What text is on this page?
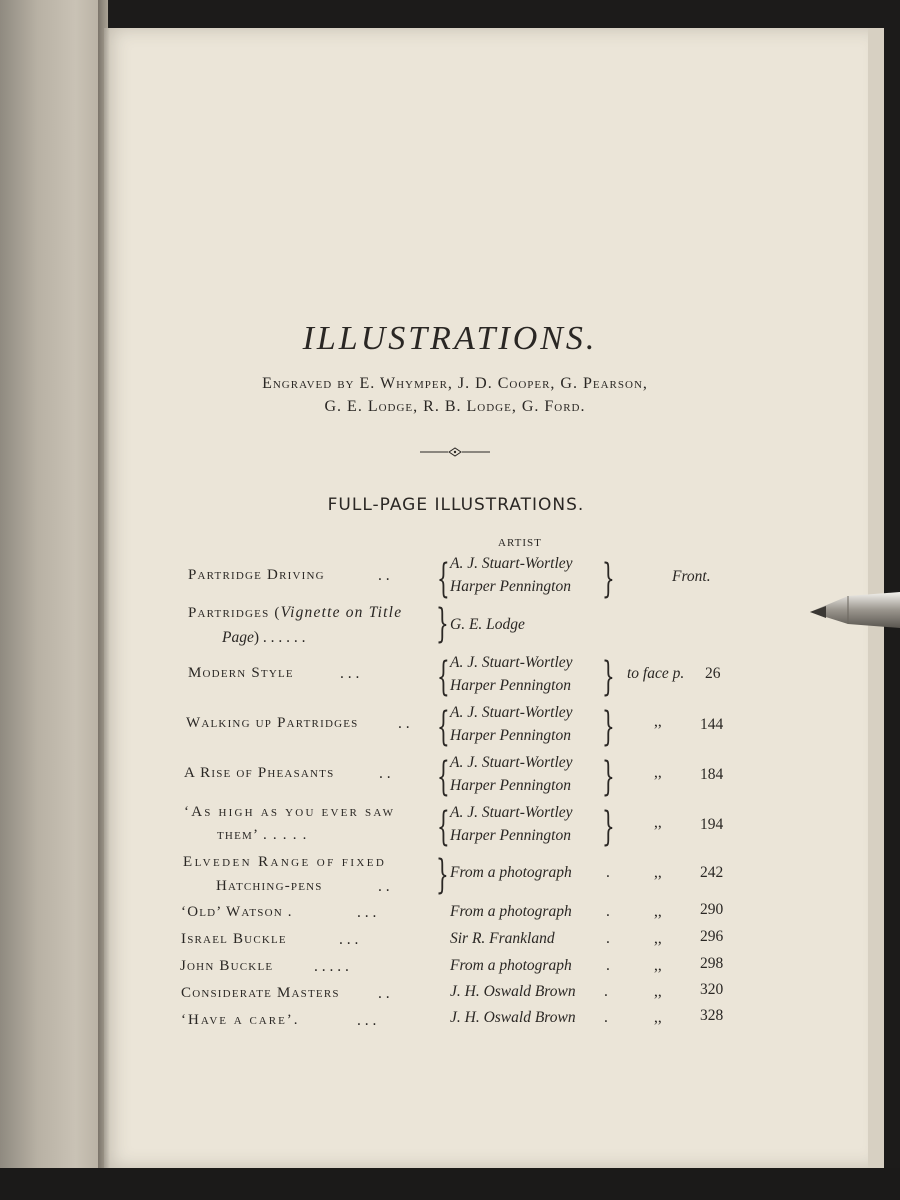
ILLUSTRATIONS.
Engraved by E. Whymper, J. D. Cooper, G. Pearson,
G. E. Lodge, R. B. Lodge, G. Ford.
FULL-PAGE ILLUSTRATIONS.
ARTIST
Partridge Driving	. . { A. J. Stuart-Wortley
Harper Pennington }	Front.
Partridges (Vignette on Title
Page) . . . . . .	} G. E. Lodge
Modern Style	. . . { A. J. Stuart-Wortley
Harper Pennington } to face p. 26
Walking up Partridges	. . { A. J. Stuart-Wortley
Harper Pennington }	,, 144
A Rise of Pheasants	. . { A. J. Stuart-Wortley
Harper Pennington }	,, 184
‘As high as you ever saw
them’ . . . . .	{ A. J. Stuart-Wortley
Harper Pennington }	,, 194
Elveden Range of fixed
Hatching-pens	. . } From a photograph .	,, 242
‘Old’ Watson .	. . .	From a photograph .	,, 290
Israel Buckle	. . .	Sir R. Frankland	.	,, 296
John Buckle	. . . . .	From a photograph .	,, 298
Considerate Masters . .	J. H. Oswald Brown .	,, 320
‘Have a care’.	. . .	J. H. Oswald Brown .	,, 328
